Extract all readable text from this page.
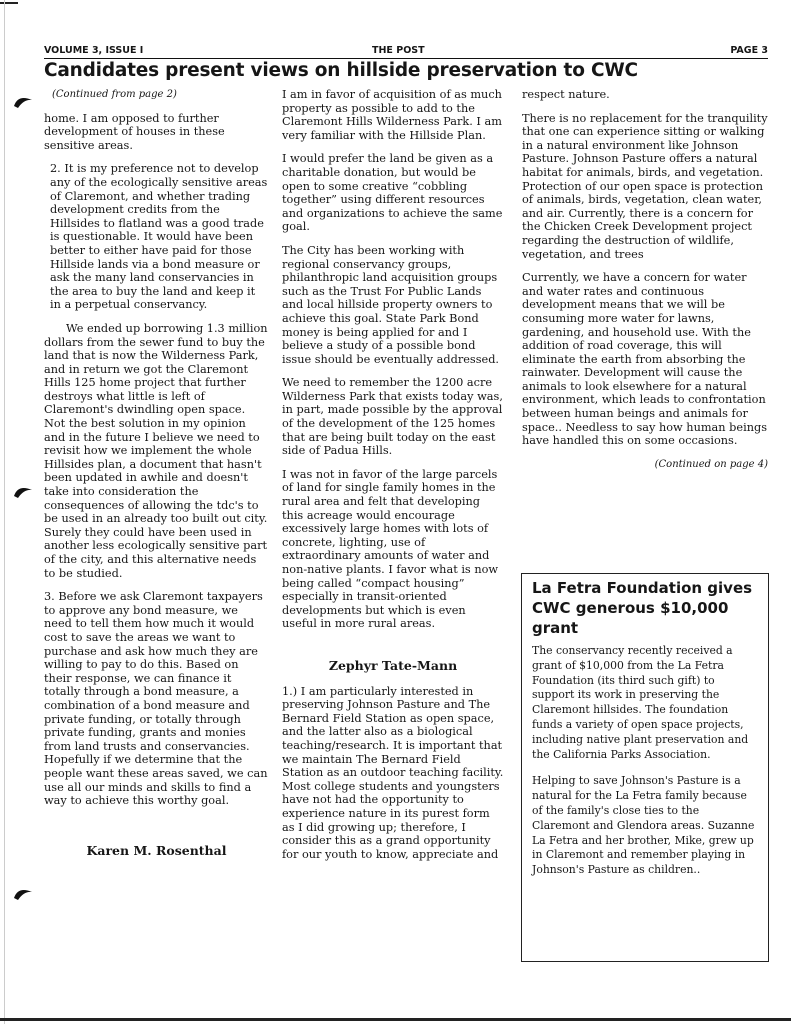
VOLUME 3, ISSUE I	THE POST	PAGE 3
Candidates present views on hillside preservation to CWC

(Continued from page 2)

home. I am opposed to further development of houses in these sensitive areas.

2. It is my preference not to develop any of the ecologically sensitive areas of Claremont, and whether trading development credits from the Hillsides to flatland was a good trade is questionable. It would have been better to either have paid for those Hillside lands via a bond measure or ask the many land conservancies in the area to buy the land and keep it in a perpetual conservancy.

We ended up borrowing 1.3 million dollars from the sewer fund to buy the land that is now the Wilderness Park, and in return we got the Claremont Hills 125 home project that further destroys what little is left of Claremont's dwindling open space. Not the best solution in my opinion and in the future I believe we need to revisit how we implement the whole Hillsides plan, a document that hasn't been updated in awhile and doesn't take into consideration the consequences of allowing the tdc's to be used in an already too built out city. Surely they could have been used in another less ecologically sensitive part of the city, and this alternative needs to be studied.

3. Before we ask Claremont taxpayers to approve any bond measure, we need to tell them how much it would cost to save the areas we want to purchase and ask how much they are willing to pay to do this. Based on their response, we can finance it totally through a bond measure, a combination of a bond measure and private funding, or totally through private funding, grants and monies from land trusts and conservancies. Hopefully if we determine that the people want these areas saved, we can use all our minds and skills to find a way to achieve this worthy goal.

Karen M. Rosenthal

I am in favor of acquisition of as much property as possible to add to the Claremont Hills Wilderness Park. I am very familiar with the Hillside Plan.

I would prefer the land be given as a charitable donation, but would be open to some creative “cobbling together” using different resources and organizations to achieve the same goal.

The City has been working with regional conservancy groups, philanthropic land acquisition groups such as the Trust For Public Lands and local hillside property owners to achieve this goal. State Park Bond money is being applied for and I believe a study of a possible bond issue should be eventually addressed.

We need to remember the 1200 acre Wilderness Park that exists today was, in part, made possible by the approval of the development of the 125 homes that are being built today on the east side of Padua Hills.

I was not in favor of the large parcels of land for single family homes in the rural area and felt that developing this acreage would encourage excessively large homes with lots of concrete, lighting, use of extraordinary amounts of water and non-native plants. I favor what is now being called “compact housing” especially in transit-oriented developments but which is even useful in more rural areas.

Zephyr Tate-Mann

1.) I am particularly interested in preserving Johnson Pasture and The Bernard Field Station as open space, and the latter also as a biological teaching/research. It is important that we maintain The Bernard Field Station as an outdoor teaching facility. Most college students and youngsters have not had the opportunity to experience nature in its purest form as I did growing up; therefore, I consider this as a grand opportunity for our youth to know, appreciate and

respect nature.

There is no replacement for the tranquility that one can experience sitting or walking in a natural environment like Johnson Pasture. Johnson Pasture offers a natural habitat for animals, birds, and vegetation. Protection of our open space is protection of animals, birds, vegetation, clean water, and air. Currently, there is a concern for the Chicken Creek Development project regarding the destruction of wildlife, vegetation, and trees

Currently, we have a concern for water and water rates and continuous development means that we will be consuming more water for lawns, gardening, and household use. With the addition of road coverage, this will eliminate the earth from absorbing the rainwater. Development will cause the animals to look elsewhere for a natural environment, which leads to confrontation between human beings and animals for space.. Needless to say how human beings have handled this on some occasions.

(Continued on page 4)

La Fetra Foundation gives CWC generous $10,000 grant

The conservancy recently received a grant of $10,000 from the La Fetra Foundation (its third such gift) to support its work in preserving the Claremont hillsides. The foundation funds a variety of open space projects, including native plant preservation and the California Parks Association.

Helping to save Johnson's Pasture is a natural for the La Fetra family because of the family's close ties to the Claremont and Glendora areas. Suzanne La Fetra and her brother, Mike, grew up in Claremont and remember playing in Johnson's Pasture as children..
